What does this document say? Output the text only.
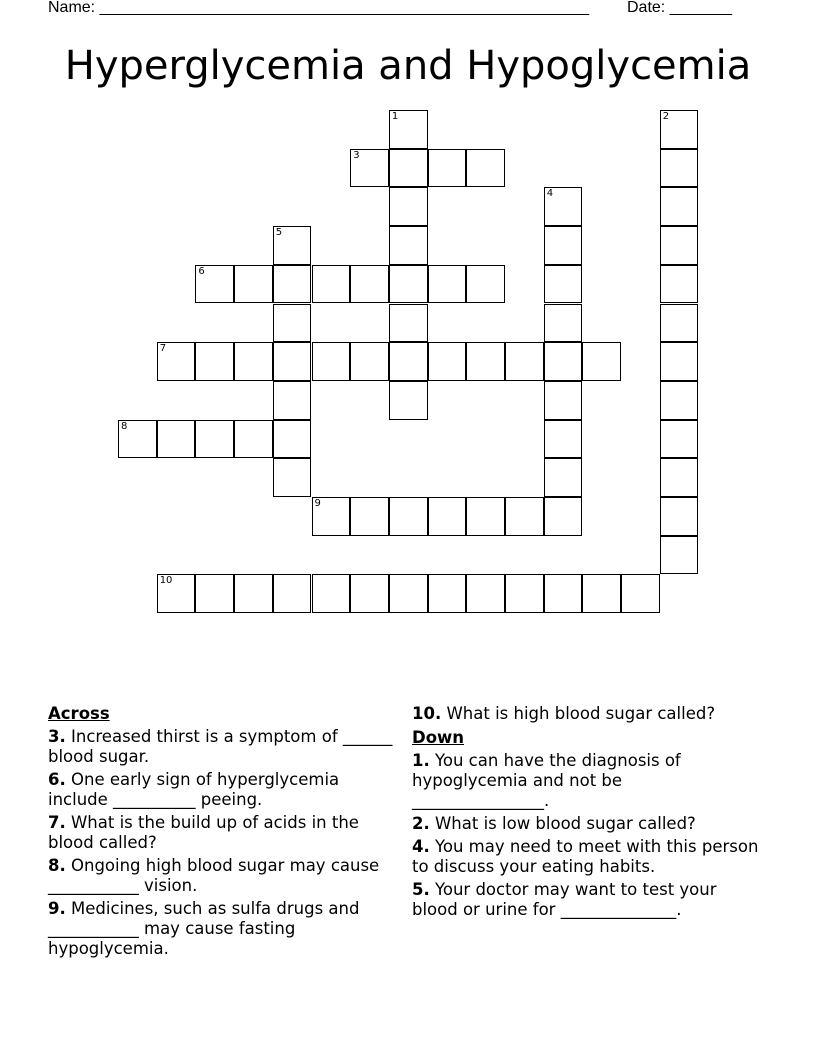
Name: _______________________________________________________ Date: _______
Hyperglycemia and Hypoglycemia
1	2
3
4
5
6
7
8
9
10
Across
3. Increased thirst is a symptom of ______ blood sugar.
6. One early sign of hyperglycemia include __________ peeing.
7. What is the build up of acids in the blood called?
8. Ongoing high blood sugar may cause ___________ vision.
9. Medicines, such as sulfa drugs and ___________ may cause fasting hypoglycemia.
10. What is high blood sugar called?
Down
1. You can have the diagnosis of hypoglycemia and not be ________________.
2. What is low blood sugar called?
4. You may need to meet with this person to discuss your eating habits.
5. Your doctor may want to test your blood or urine for ______________.
